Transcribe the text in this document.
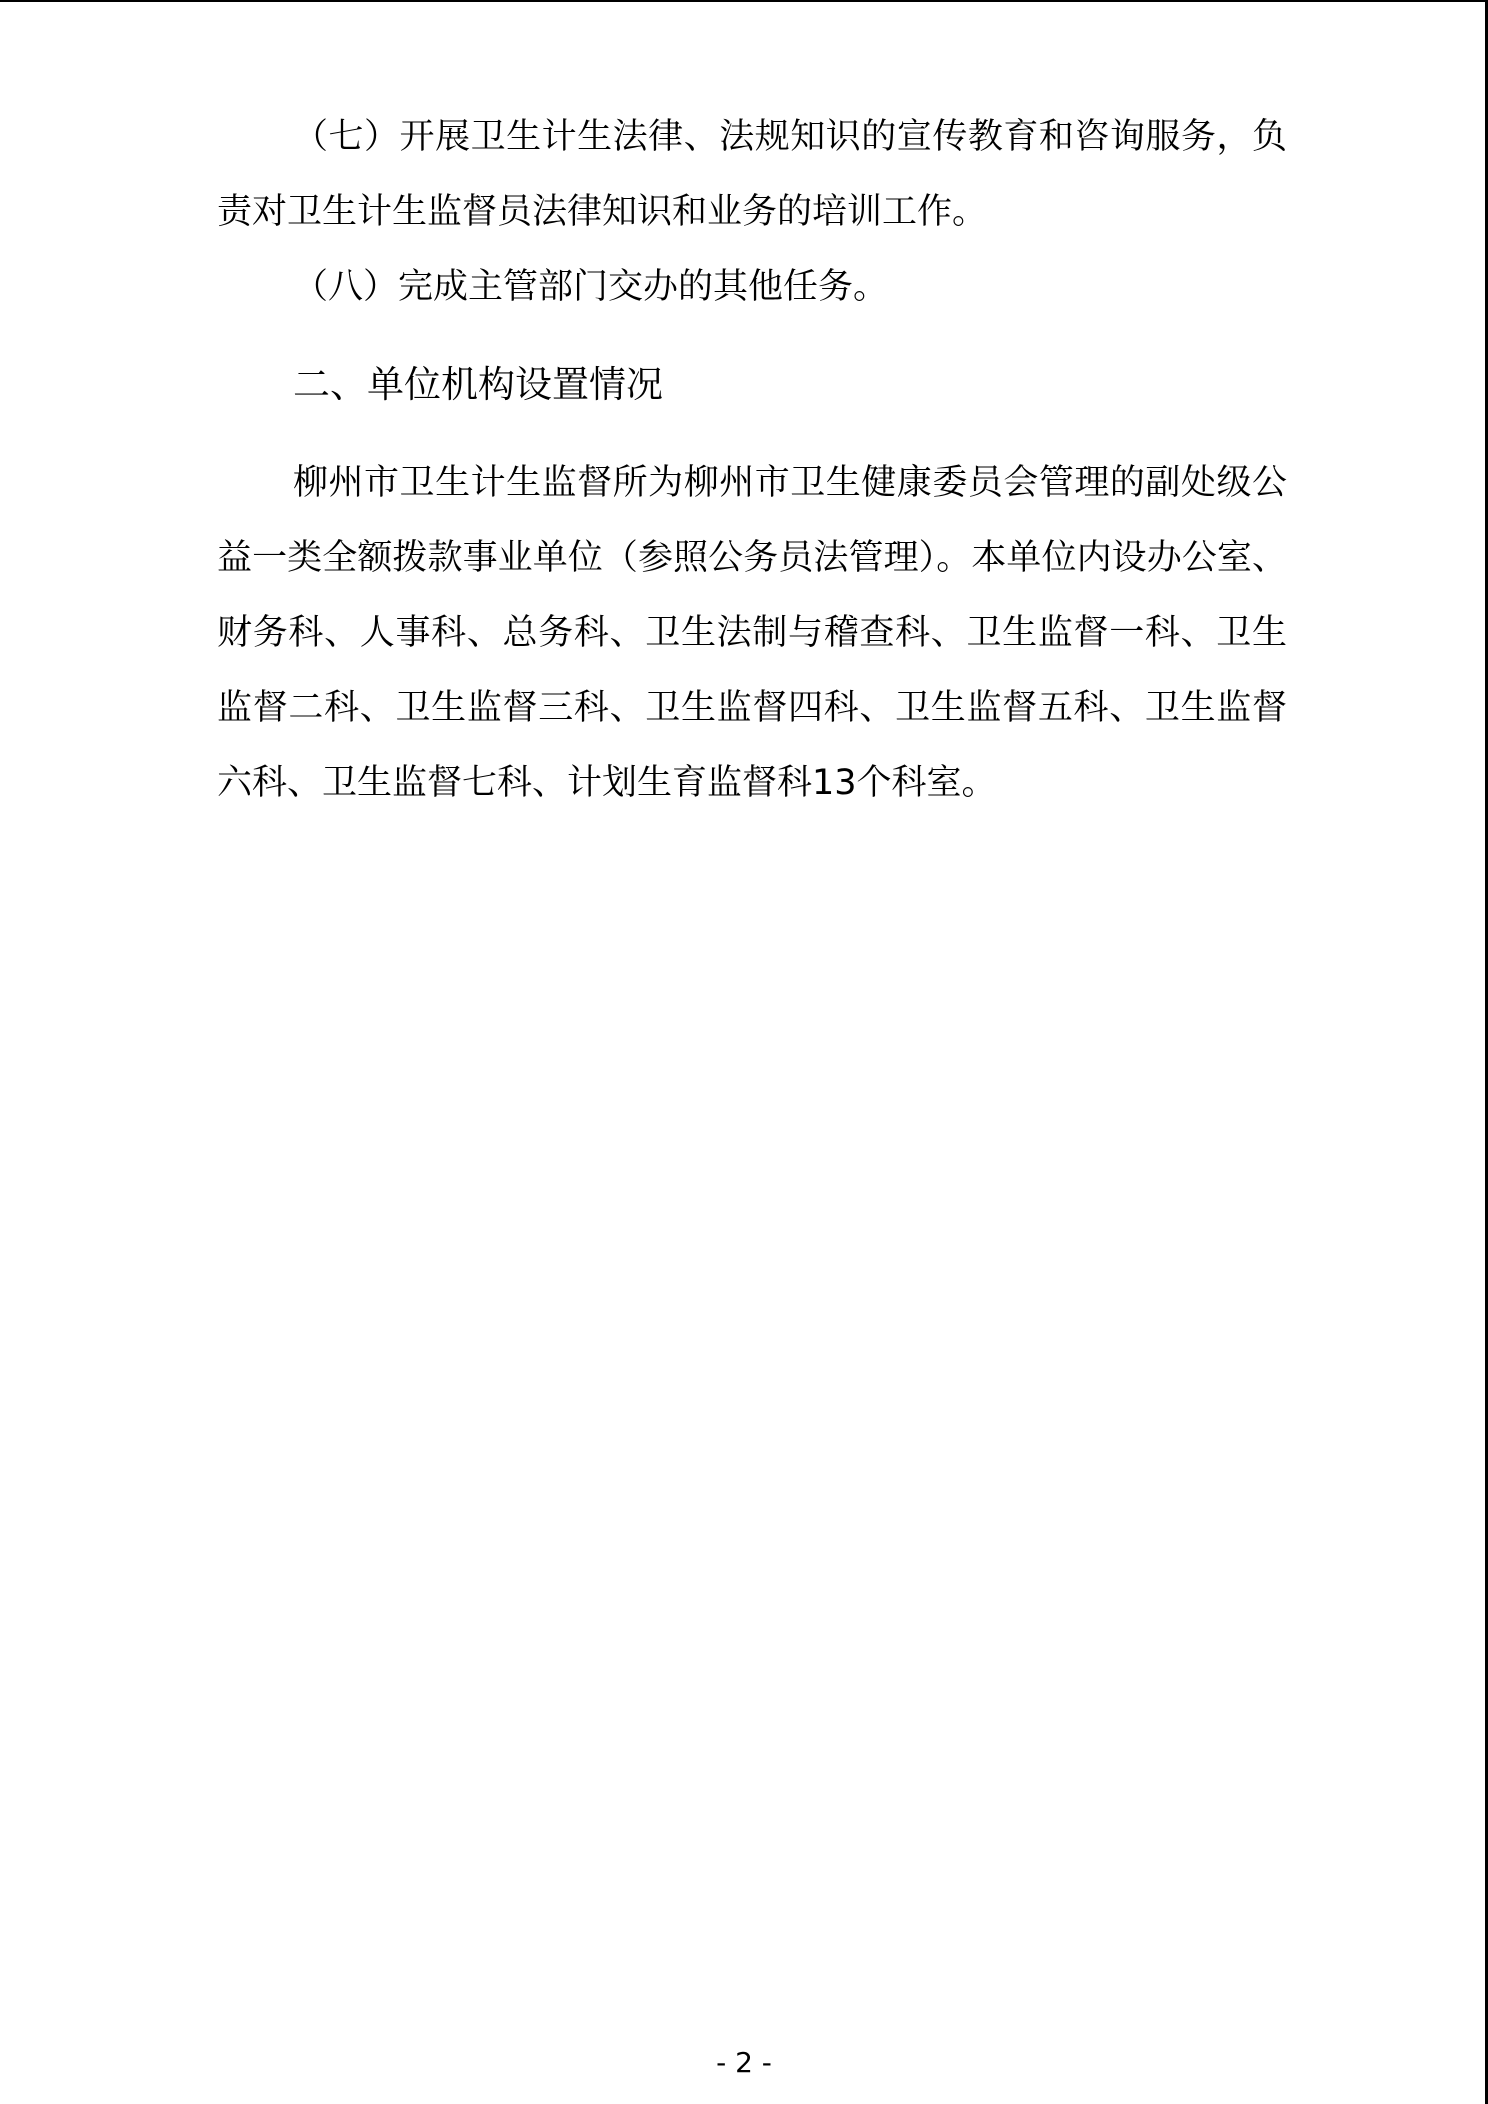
（七）开展卫生计生法律、法规知识的宣传教育和咨询服务，负责对卫生计生监督员法律知识和业务的培训工作。

（八）完成主管部门交办的其他任务。

二、单位机构设置情况

柳州市卫生计生监督所为柳州市卫生健康委员会管理的副处级公益一类全额拨款事业单位（参照公务员法管理）。本单位内设办公室、财务科、人事科、总务科、卫生法制与稽查科、卫生监督一科、卫生监督二科、卫生监督三科、卫生监督四科、卫生监督五科、卫生监督六科、卫生监督七科、计划生育监督科13个科室。

- 2 -
